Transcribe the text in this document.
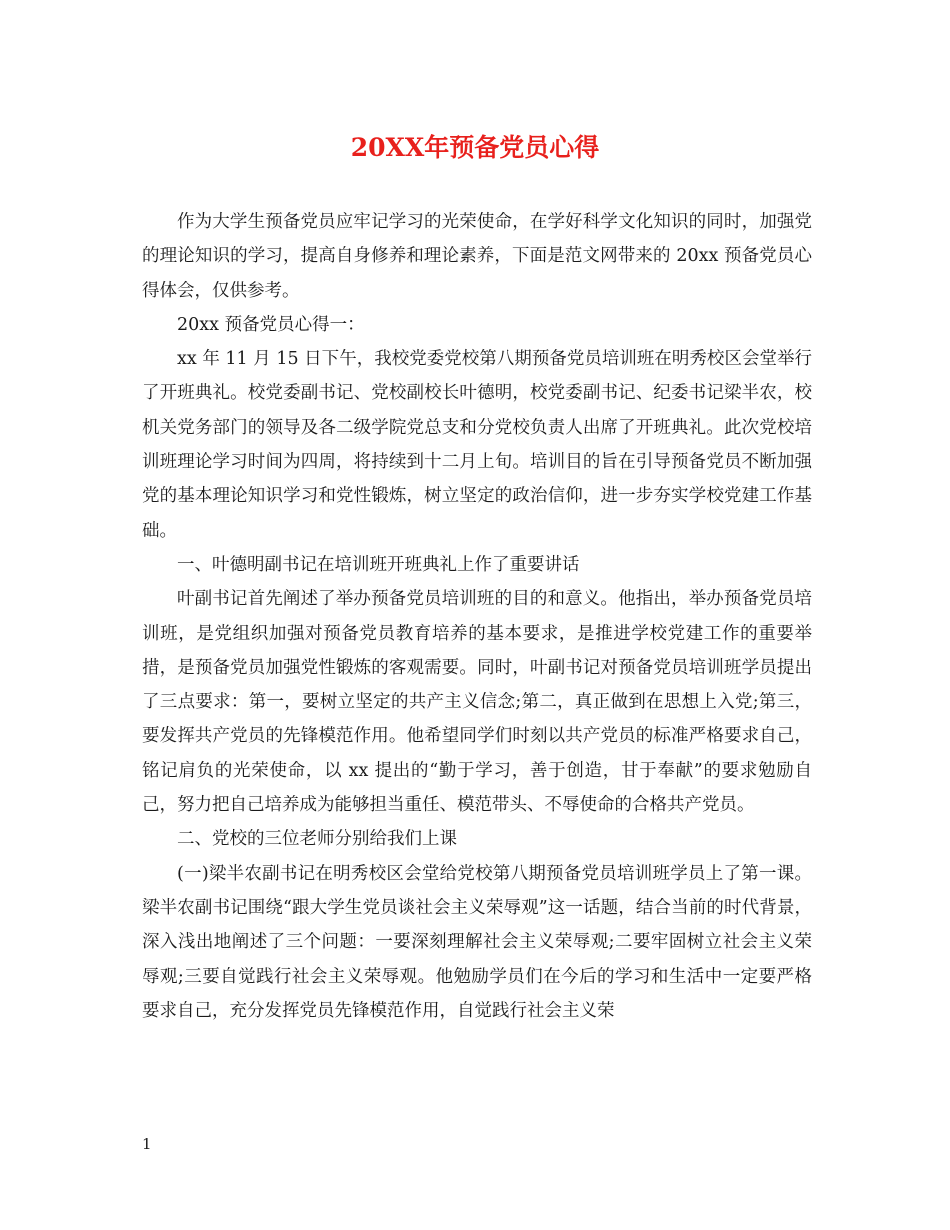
20XX年预备党员心得

作为大学生预备党员应牢记学习的光荣使命，在学好科学文化知识的同时，加强党的理论知识的学习，提高自身修养和理论素养，下面是范文网带来的 20xx 预备党员心得体会，仅供参考。

20xx 预备党员心得一：

xx 年 11 月 15 日下午，我校党委党校第八期预备党员培训班在明秀校区会堂举行了开班典礼。校党委副书记、党校副校长叶德明，校党委副书记、纪委书记梁半农，校机关党务部门的领导及各二级学院党总支和分党校负责人出席了开班典礼。此次党校培训班理论学习时间为四周，将持续到十二月上旬。培训目的旨在引导预备党员不断加强党的基本理论知识学习和党性锻炼，树立坚定的政治信仰，进一步夯实学校党建工作基础。

一、叶德明副书记在培训班开班典礼上作了重要讲话

叶副书记首先阐述了举办预备党员培训班的目的和意义。他指出，举办预备党员培训班，是党组织加强对预备党员教育培养的基本要求，是推进学校党建工作的重要举措，是预备党员加强党性锻炼的客观需要。同时，叶副书记对预备党员培训班学员提出了三点要求：第一，要树立坚定的共产主义信念;第二，真正做到在思想上入党;第三，要发挥共产党员的先锋模范作用。他希望同学们时刻以共产党员的标准严格要求自己，铭记肩负的光荣使命，以 xx 提出的“勤于学习，善于创造，甘于奉献”的要求勉励自己，努力把自己培养成为能够担当重任、模范带头、不辱使命的合格共产党员。

二、党校的三位老师分别给我们上课

(一)梁半农副书记在明秀校区会堂给党校第八期预备党员培训班学员上了第一课。梁半农副书记围绕“跟大学生党员谈社会主义荣辱观”这一话题，结合当前的时代背景，深入浅出地阐述了三个问题：一要深刻理解社会主义荣辱观;二要牢固树立社会主义荣辱观;三要自觉践行社会主义荣辱观。他勉励学员们在今后的学习和生活中一定要严格要求自己，充分发挥党员先锋模范作用，自觉践行社会主义荣

1
